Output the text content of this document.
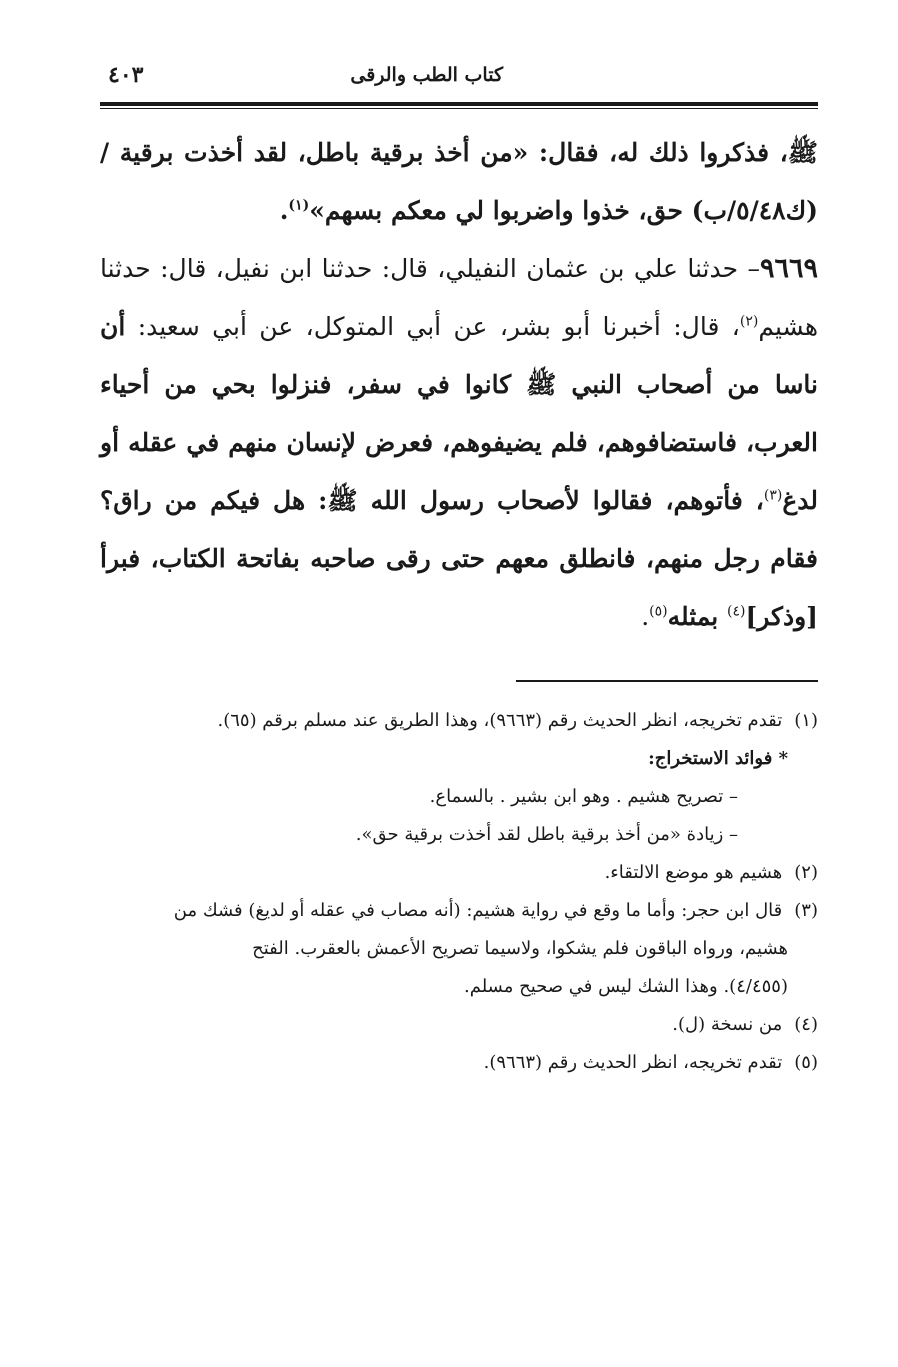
كتاب الطب والرقى
٤٠٣

ﷺ، فذكروا ذلك له، فقال: «من أخذ برقية باطل، لقد أخذت برقية / (ك٥/٤٨/ب) حق، خذوا واضربوا لي معكم بسهم»$^{(١)}$.

٩٦٦٩– حدثنا علي بن عثمان النفيلي، قال: حدثنا ابن نفيل، قال: حدثنا هشيم$^{(٢)}$، قال: أخبرنا أبو بشر، عن أبي المتوكل، عن أبي سعيد: أن ناسا من أصحاب النبي ﷺ كانوا في سفر، فنزلوا بحي من أحياء العرب، فاستضافوهم، فلم يضيفوهم، فعرض لإنسان منهم في عقله أو لدغ$^{(٣)}$، فأتوهم، فقالوا لأصحاب رسول الله ﷺ: هل فيكم من راق؟ فقام رجل منهم، فانطلق معهم حتى رقى صاحبه بفاتحة الكتاب، فبرأ [وذكر]$^{(٤)}$ بمثله$^{(٥)}$.

(١) تقدم تخريجه، انظر الحديث رقم (٩٦٦٣)، وهذا الطريق عند مسلم برقم (٦٥).

* فوائد الاستخراج:

– تصريح هشيم . وهو ابن بشير . بالسماع.

– زيادة «من أخذ برقية باطل لقد أخذت برقية حق».

(٢) هشيم هو موضع الالتقاء.

(٣) قال ابن حجر: وأما ما وقع في رواية هشيم: (أنه مصاب في عقله أو لديغ) فشك من

هشيم، ورواه الباقون فلم يشكوا، ولاسيما تصريح الأعمش بالعقرب. الفتح

(٤/٤٥٥). وهذا الشك ليس في صحيح مسلم.

(٤) من نسخة (ل).

(٥) تقدم تخريجه، انظر الحديث رقم (٩٦٦٣).
